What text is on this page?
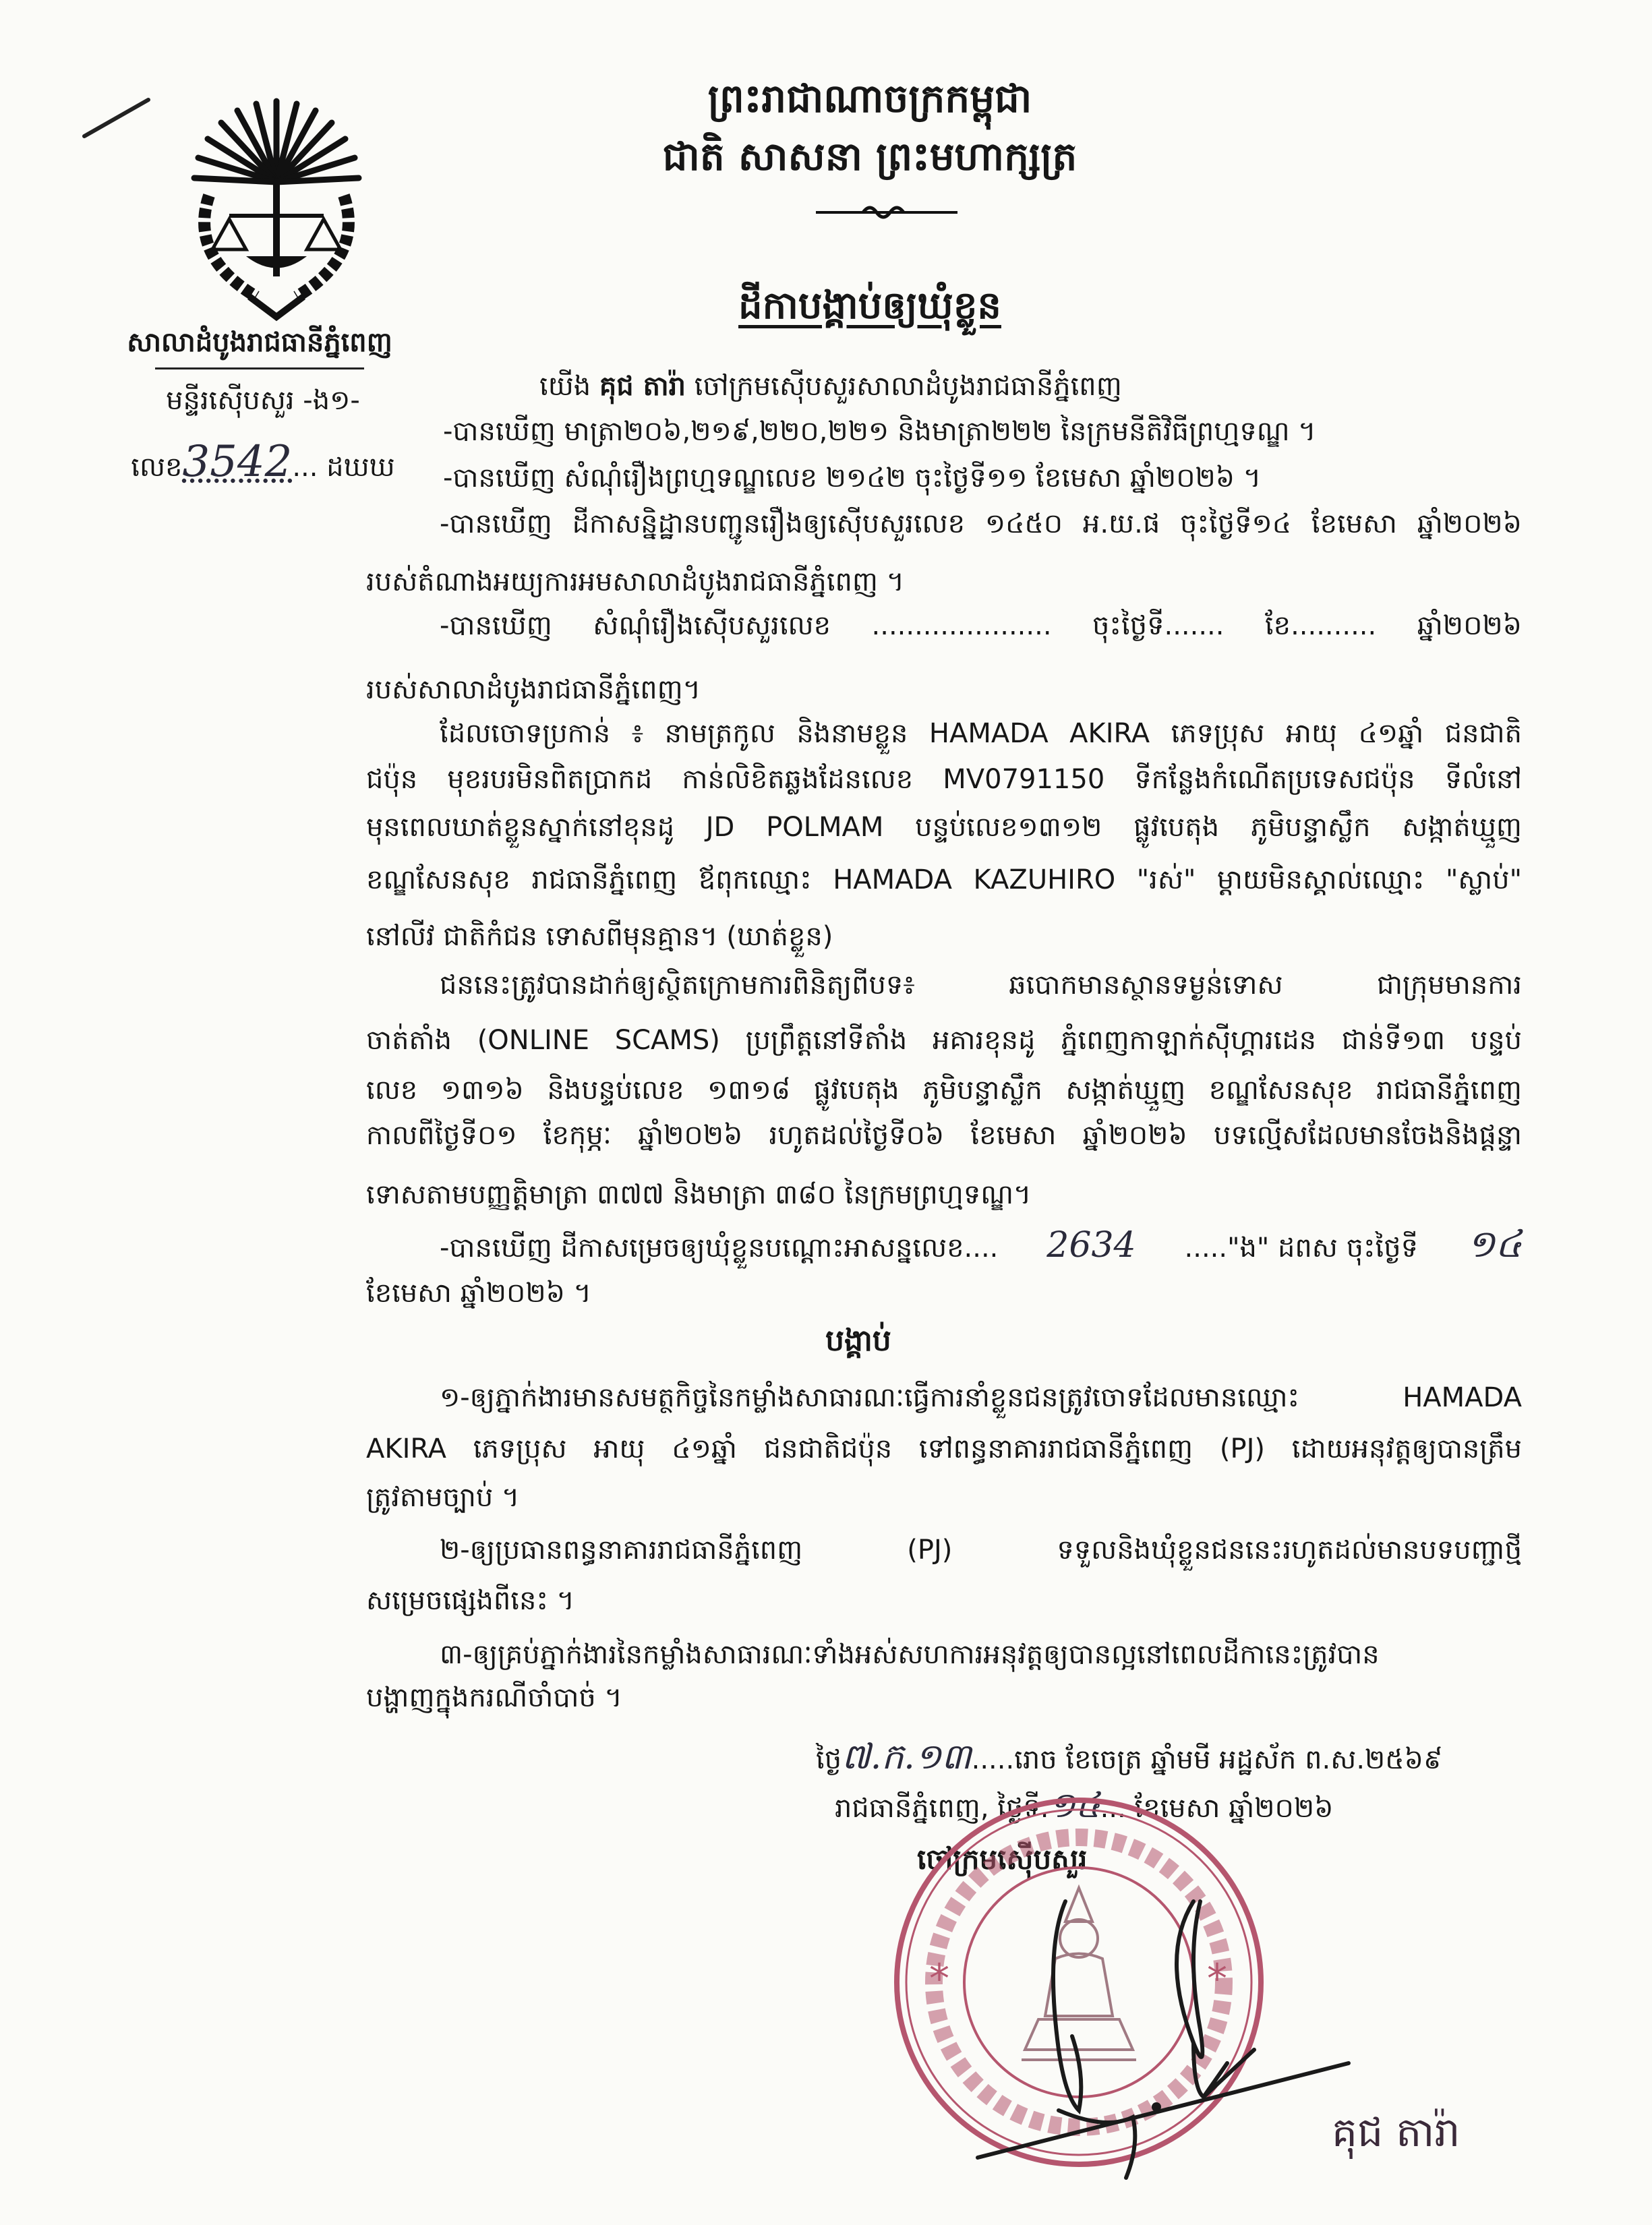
ព្រះរាជាណាចក្រកម្ពុជា
ជាតិ សាសនា ព្រះមហាក្សត្រ
ដីកាបង្គាប់ឲ្យឃុំខ្លួន
សាលាដំបូងរាជធានីភ្នំពេញ
មន្ទីរស៊ើបសួរ -ង១-
លេខ3542... ដឃឃ
យើង គុជ តារ៉ា ចៅក្រមស៊ើបសួរសាលាដំបូងរាជធានីភ្នំពេញ
-បានឃើញ មាត្រា២០៦,២១៩,២២០,២២១ និងមាត្រា២២២ នៃក្រមនីតិវិធីព្រហ្មទណ្ឌ ។
-បានឃើញ សំណុំរឿងព្រហ្មទណ្ឌលេខ ២១៤២ ចុះថ្ងៃទី១១ ខែមេសា ឆ្នាំ២០២៦ ។
-បានឃើញ ដីកាសន្និដ្ឋានបញ្ជូនរឿងឲ្យស៊ើបសួរលេខ ១៤៥០ អ.យ.ផ ចុះថ្ងៃទី១៤ ខែមេសា ឆ្នាំ២០២៦
របស់តំណាងអយ្យការអមសាលាដំបូងរាជធានីភ្នំពេញ ។
-បានឃើញ សំណុំរឿងស៊ើបសួរលេខ ..................... ចុះថ្ងៃទី....... ខែ.......... ឆ្នាំ២០២៦
របស់សាលាដំបូងរាជធានីភ្នំពេញ។
ដែលចោទប្រកាន់ ៖ នាមត្រកូល និងនាមខ្លួន HAMADA AKIRA ភេទប្រុស អាយុ ៤១ឆ្នាំ ជនជាតិ
ជប៉ុន មុខរបរមិនពិតប្រាកដ កាន់លិខិតឆ្លងដែនលេខ MV0791150 ទីកន្លែងកំណើតប្រទេសជប៉ុន ទីលំនៅ
មុនពេលឃាត់ខ្លួនស្នាក់នៅខុនដូ JD POLMAM បន្ទប់លេខ១៣១២ ផ្លូវបេតុង ភូមិបន្ទាស្លឹក សង្កាត់ឃ្មួញ
ខណ្ឌសែនសុខ រាជធានីភ្នំពេញ ឪពុកឈ្មោះ HAMADA KAZUHIRO "រស់" ម្ដាយមិនស្គាល់ឈ្មោះ "ស្លាប់"
នៅលីវ ជាតិកំជន ទោសពីមុនគ្មាន។ (ឃាត់ខ្លួន)
ជននេះត្រូវបានដាក់ឲ្យស្ថិតក្រោមការពិនិត្យពីបទ៖ ឆបោកមានស្ថានទម្ងន់ទោស ជាក្រុមមានការ
ចាត់តាំង (ONLINE SCAMS) ប្រព្រឹត្តនៅទីតាំង អគារខុនដូ ភ្នំពេញកាឡាក់ស៊ីហ្គារដេន ជាន់ទី១៣ បន្ទប់
លេខ ១៣១៦ និងបន្ទប់លេខ ១៣១៨ ផ្លូវបេតុង ភូមិបន្ទាស្លឹក សង្កាត់ឃ្មួញ ខណ្ឌសែនសុខ រាជធានីភ្នំពេញ
កាលពីថ្ងៃទី០១ ខែកុម្ភៈ ឆ្នាំ២០២៦ រហូតដល់ថ្ងៃទី០៦ ខែមេសា ឆ្នាំ២០២៦ បទល្មើសដែលមានចែងនិងផ្តន្ទា
ទោសតាមបញ្ញត្តិមាត្រា ៣៧៧ និងមាត្រា ៣៨០ នៃក្រមព្រហ្មទណ្ឌ។
-បានឃើញ ដីកាសម្រេចឲ្យឃុំខ្លួនបណ្ដោះអាសន្នលេខ.... 2634 ....."ង" ដពស ចុះថ្ងៃទី ១៤
ខែមេសា ឆ្នាំ២០២៦ ។
បង្គាប់
១-ឲ្យភ្នាក់ងារមានសមត្ថកិច្ចនៃកម្លាំងសាធារណៈធ្វើការនាំខ្លួនជនត្រូវចោទដែលមានឈ្មោះ HAMADA
AKIRA ភេទប្រុស អាយុ ៤១ឆ្នាំ ជនជាតិជប៉ុន ទៅពន្ធនាគាររាជធានីភ្នំពេញ (PJ) ដោយអនុវត្តឲ្យបានត្រឹម
ត្រូវតាមច្បាប់ ។
២-ឲ្យប្រធានពន្ធនាគាររាជធានីភ្នំពេញ (PJ) ទទួលនិងឃុំខ្លួនជននេះរហូតដល់មានបទបញ្ជាថ្មី
សម្រេចផ្សេងពីនេះ ។
៣-ឲ្យគ្រប់ភ្នាក់ងារនៃកម្លាំងសាធារណៈទាំងអស់សហការអនុវត្តឲ្យបានល្អនៅពេលដីកានេះត្រូវបាន
បង្ហាញក្នុងករណីចាំបាច់ ។
ថ្ងៃ៧.ក.១៣.....រោច ខែចេត្រ ឆ្នាំមមី អដ្ឋស័ក ព.ស.២៥៦៩
រាជធានីភ្នំពេញ, ថ្ងៃទី.១៤... ខែមេសា ឆ្នាំ២០២៦
ចៅក្រមស៊ើបសួរ
*	*
គុជ តារ៉ា
